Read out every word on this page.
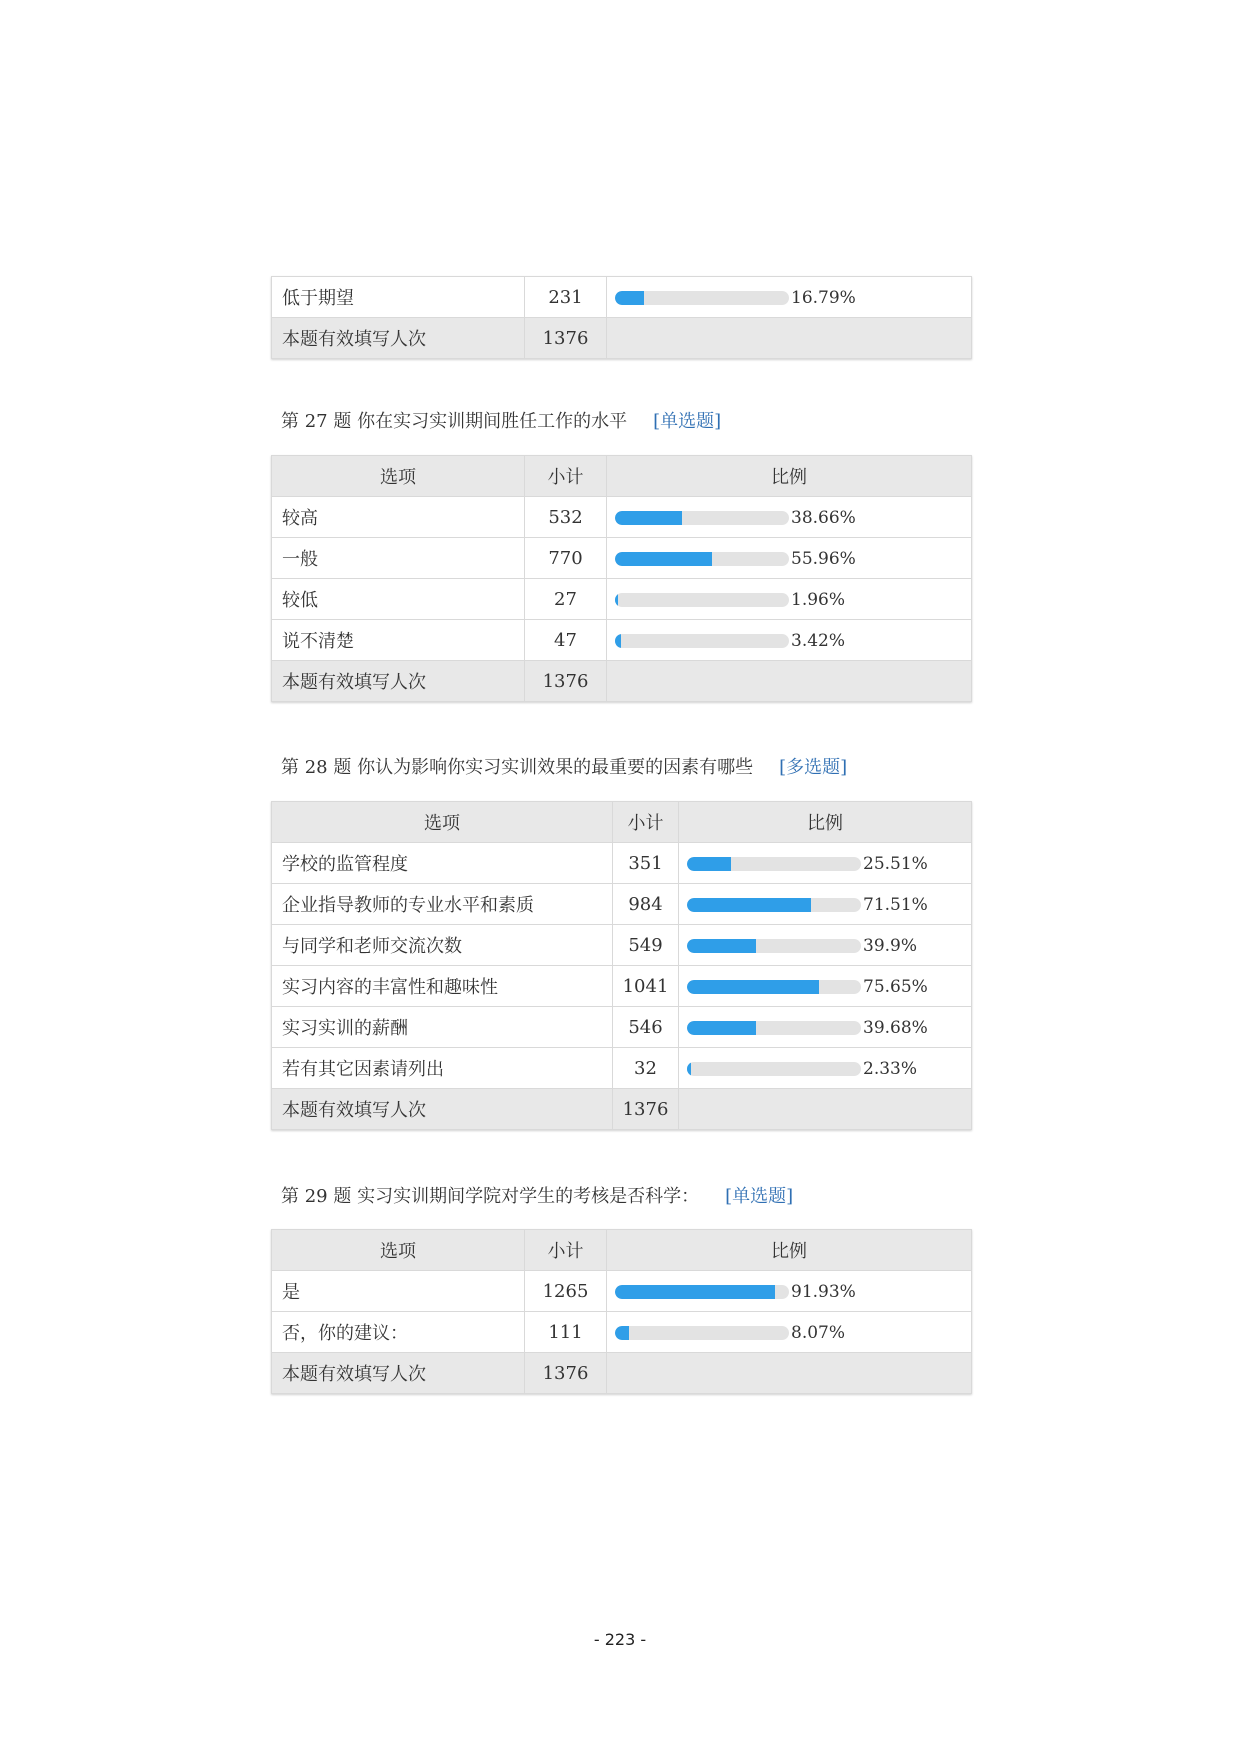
低于期望	231	16.79%
本题有效填写人次	1376	
第 27 题 你在实习实训期间胜任工作的水平 [单选题]
选项	小计	比例
较高	532	38.66%
一般	770	55.96%
较低	27	1.96%
说不清楚	47	3.42%
本题有效填写人次	1376	
第 28 题 你认为影响你实习实训效果的最重要的因素有哪些 [多选题]
选项	小计	比例
学校的监管程度	351	25.51%
企业指导教师的专业水平和素质	984	71.51%
与同学和老师交流次数	549	39.9%
实习内容的丰富性和趣味性	1041	75.65%
实习实训的薪酬	546	39.68%
若有其它因素请列出	32	2.33%
本题有效填写人次	1376	
第 29 题 实习实训期间学院对学生的考核是否科学： [单选题]
选项	小计	比例
是	1265	91.93%
否，你的建议：	111	8.07%
本题有效填写人次	1376	
- 223 -
